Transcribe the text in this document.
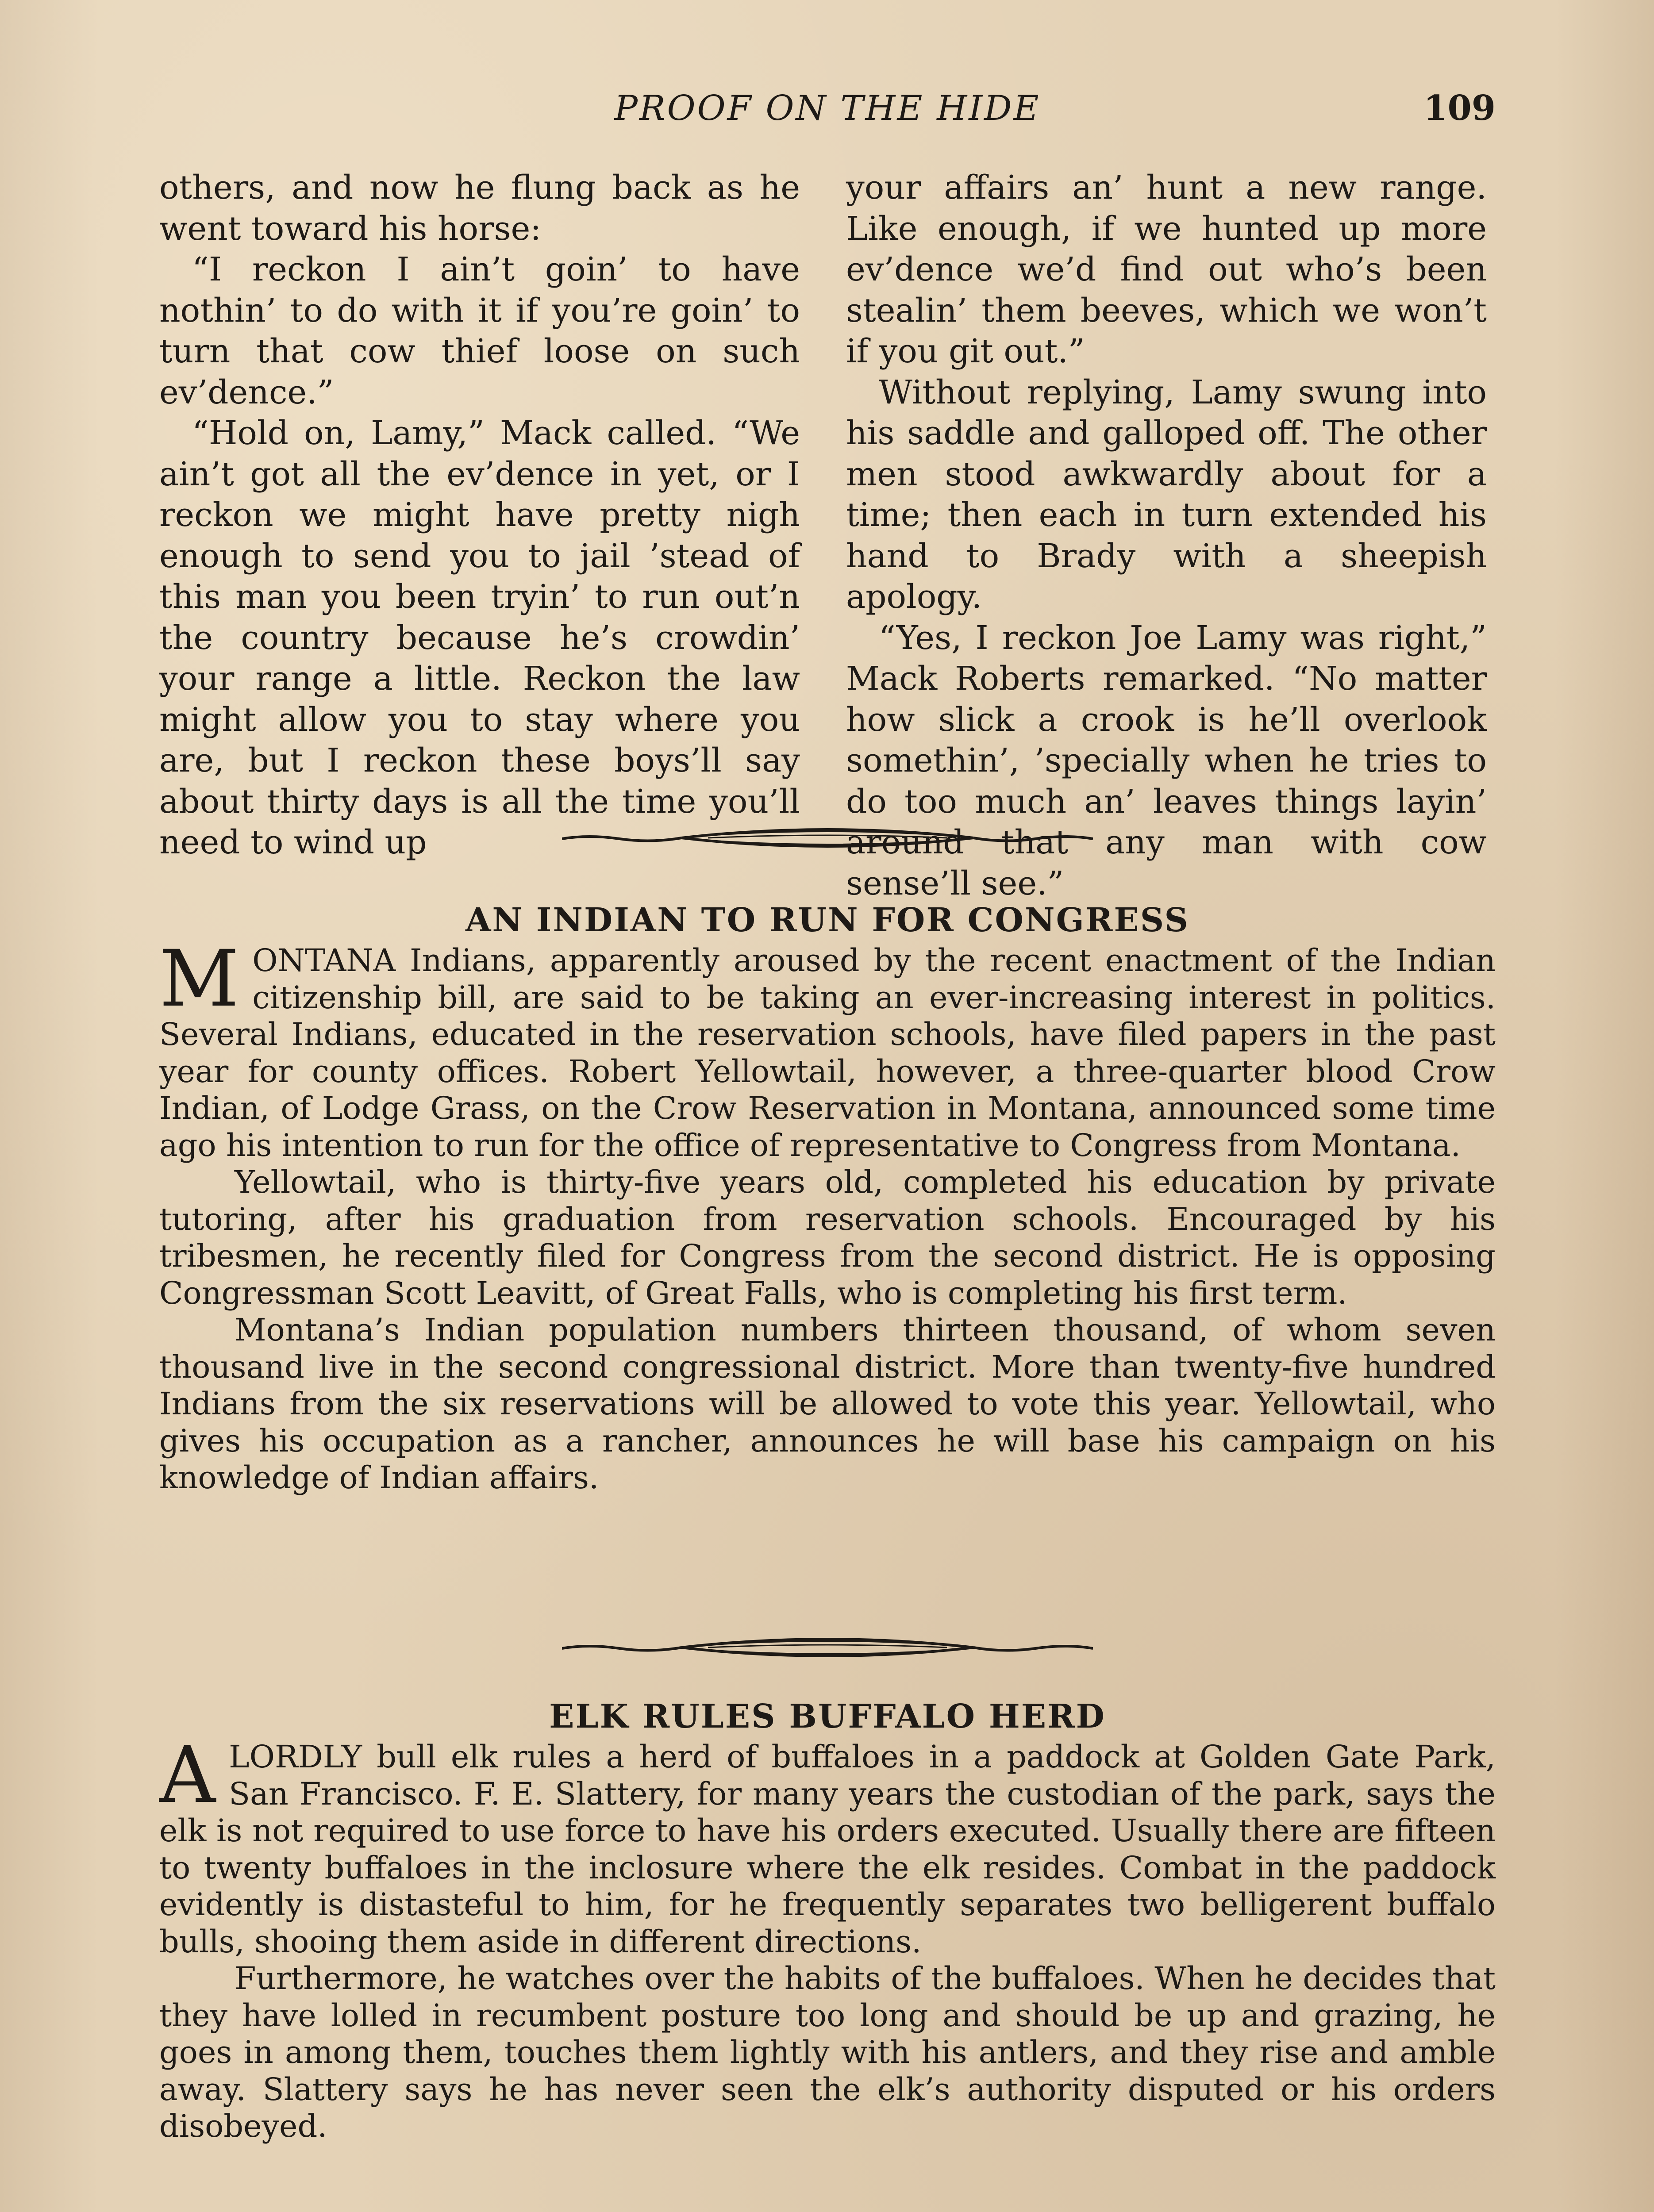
PROOF ON THE HIDE	109

others, and now he flung back as he went toward his horse:

“I reckon I ain’t goin’ to have nothin’ to do with it if you’re goin’ to turn that cow thief loose on such ev’dence.”

“Hold on, Lamy,” Mack called. “We ain’t got all the ev’dence in yet, or I reckon we might have pretty nigh enough to send you to jail ’stead of this man you been tryin’ to run out’n the country because he’s crowdin’ your range a little. Reckon the law might allow you to stay where you are, but I reckon these boys’ll say about thirty days is all the time you’ll need to wind up

your affairs an’ hunt a new range. Like enough, if we hunted up more ev’dence we’d find out who’s been stealin’ them beeves, which we won’t if you git out.”

Without replying, Lamy swung into his saddle and galloped off. The other men stood awkwardly about for a time; then each in turn extended his hand to Brady with a sheepish apology.

“Yes, I reckon Joe Lamy was right,” Mack Roberts remarked. “No matter how slick a crook is he’ll overlook somethin’, ’specially when he tries to do too much an’ leaves things layin’ around that any man with cow sense’ll see.”

AN INDIAN TO RUN FOR CONGRESS

MONTANA Indians, apparently aroused by the recent enactment of the Indian citizenship bill, are said to be taking an ever-increasing interest in politics. Several Indians, educated in the reservation schools, have filed papers in the past year for county offices. Robert Yellowtail, however, a three-quarter blood Crow Indian, of Lodge Grass, on the Crow Reservation in Montana, announced some time ago his intention to run for the office of representative to Congress from Montana.

Yellowtail, who is thirty-five years old, completed his education by private tutoring, after his graduation from reservation schools. Encouraged by his tribesmen, he recently filed for Congress from the second district. He is opposing Congressman Scott Leavitt, of Great Falls, who is completing his first term.

Montana’s Indian population numbers thirteen thousand, of whom seven thousand live in the second congressional district. More than twenty-five hundred Indians from the six reservations will be allowed to vote this year. Yellowtail, who gives his occupation as a rancher, announces he will base his campaign on his knowledge of Indian affairs.

ELK RULES BUFFALO HERD

ALORDLY bull elk rules a herd of buffaloes in a paddock at Golden Gate Park, San Francisco. F. E. Slattery, for many years the custodian of the park, says the elk is not required to use force to have his orders executed. Usually there are fifteen to twenty buffaloes in the inclosure where the elk resides. Combat in the paddock evidently is distasteful to him, for he frequently separates two belligerent buffalo bulls, shooing them aside in different directions.

Furthermore, he watches over the habits of the buffaloes. When he decides that they have lolled in recumbent posture too long and should be up and grazing, he goes in among them, touches them lightly with his antlers, and they rise and amble away. Slattery says he has never seen the elk’s authority disputed or his orders disobeyed.
